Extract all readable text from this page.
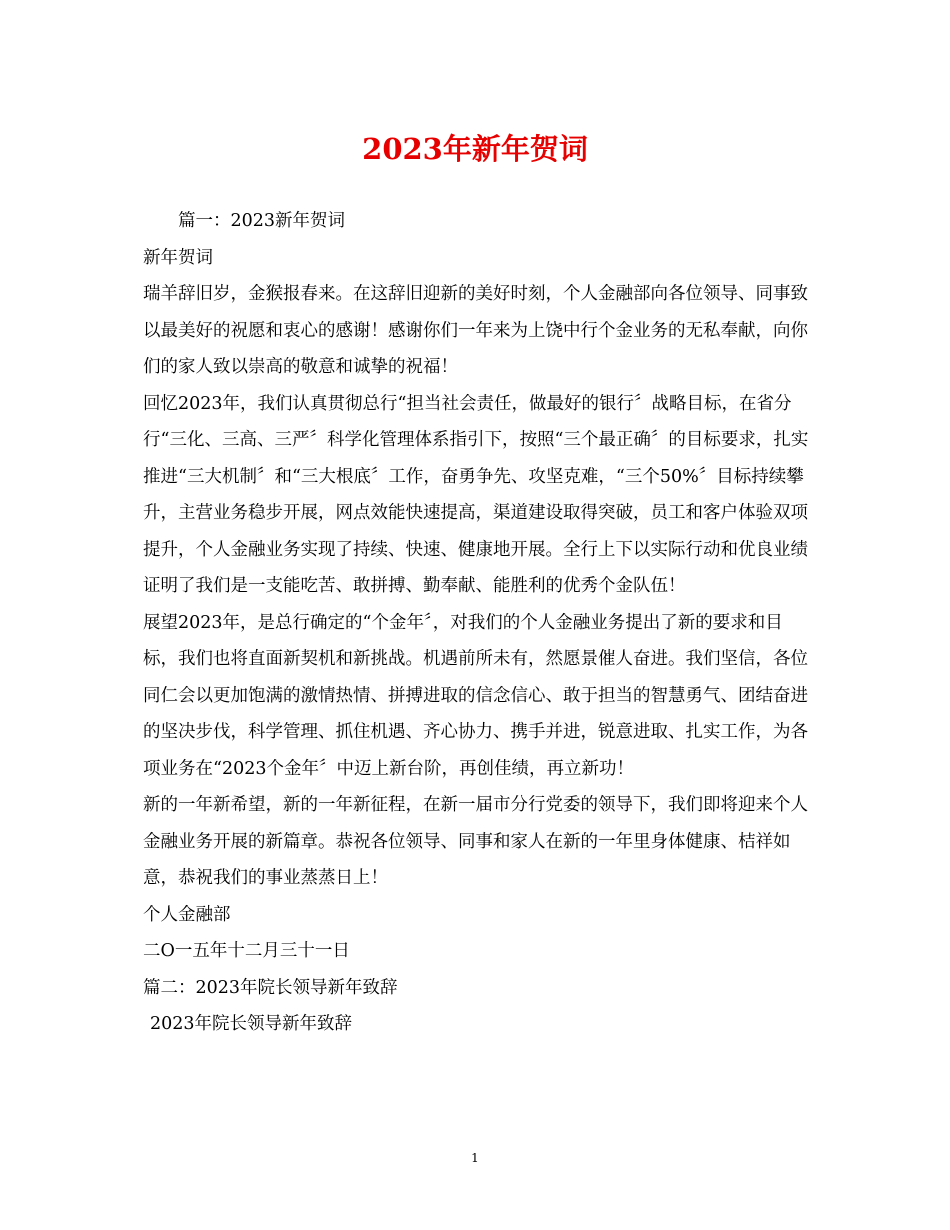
2023年新年贺词

篇一：2023新年贺词

新年贺词

瑞羊辞旧岁，金猴报春来。在这辞旧迎新的美好时刻，个人金融部向各位领导、同事致以最美好的祝愿和衷心的感谢！感谢你们一年来为上饶中行个金业务的无私奉献，向你们的家人致以崇高的敬意和诚挚的祝福！

回忆2023年，我们认真贯彻总行“担当社会责任，做最好的银行〞战略目标，在省分行“三化、三高、三严〞科学化管理体系指引下，按照“三个最正确〞的目标要求，扎实推进“三大机制〞和“三大根底〞工作，奋勇争先、攻坚克难，“三个50%〞目标持续攀升，主营业务稳步开展，网点效能快速提高，渠道建设取得突破，员工和客户体验双项提升，个人金融业务实现了持续、快速、健康地开展。全行上下以实际行动和优良业绩证明了我们是一支能吃苦、敢拼搏、勤奉献、能胜利的优秀个金队伍！

展望2023年，是总行确定的“个金年〞，对我们的个人金融业务提出了新的要求和目标，我们也将直面新契机和新挑战。机遇前所未有，然愿景催人奋进。我们坚信，各位同仁会以更加饱满的激情热情、拼搏进取的信念信心、敢于担当的智慧勇气、团结奋进的坚决步伐，科学管理、抓住机遇、齐心协力、携手并进，锐意进取、扎实工作，为各项业务在“2023个金年〞中迈上新台阶，再创佳绩，再立新功！

新的一年新希望，新的一年新征程，在新一届市分行党委的领导下，我们即将迎来个人金融业务开展的新篇章。恭祝各位领导、同事和家人在新的一年里身体健康、桔祥如意，恭祝我们的事业蒸蒸日上！

个人金融部

二O一五年十二月三十一日

篇二：2023年院长领导新年致辞

2023年院长领导新年致辞

1
